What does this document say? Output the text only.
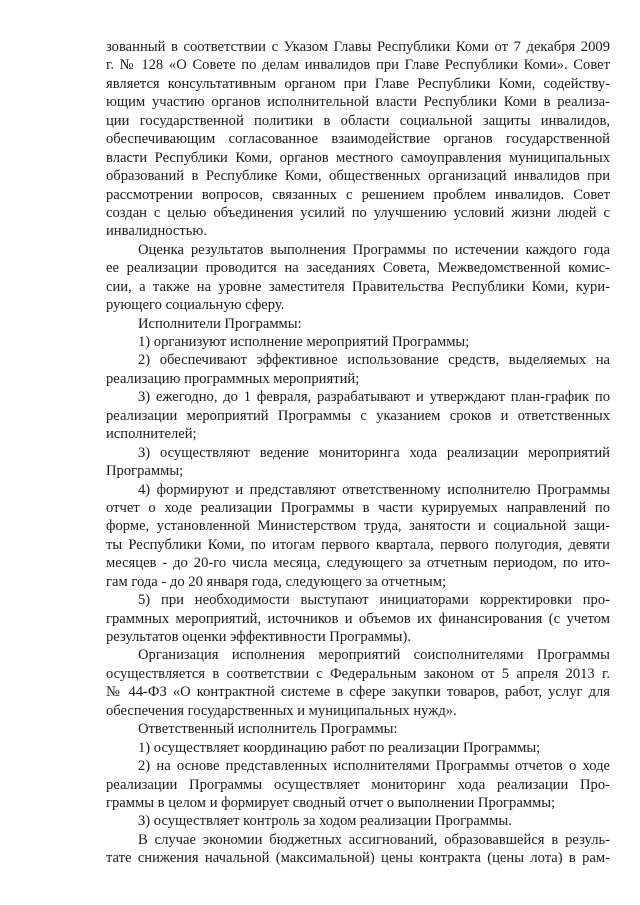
зованный в соответствии с Указом Главы Республики Коми от 7 декабря 2009
г. № 128 «О Совете по делам инвалидов при Главе Республики Коми». Совет
является консультативным органом при Главе Республики Коми, содейству-
ющим участию органов исполнительной власти Республики Коми в реализа-
ции государственной политики в области социальной защиты инвалидов,
обеспечивающим согласованное взаимодействие органов государственной
власти Республики Коми, органов местного самоуправления муниципальных
образований в Республике Коми, общественных организаций инвалидов при
рассмотрении вопросов, связанных с решением проблем инвалидов. Совет
создан с целью объединения усилий по улучшению условий жизни людей с
инвалидностью.
Оценка результатов выполнения Программы по истечении каждого года
ее реализации проводится на заседаниях Совета, Межведомственной комис-
сии, а также на уровне заместителя Правительства Республики Коми, кури-
рующего социальную сферу.
Исполнители Программы:
1) организуют исполнение мероприятий Программы;
2) обеспечивают эффективное использование средств, выделяемых на
реализацию программных мероприятий;
3) ежегодно, до 1 февраля, разрабатывают и утверждают план-график по
реализации мероприятий Программы с указанием сроков и ответственных
исполнителей;
3) осуществляют ведение мониторинга хода реализации мероприятий
Программы;
4) формируют и представляют ответственному исполнителю Программы
отчет о ходе реализации Программы в части курируемых направлений по
форме, установленной Министерством труда, занятости и социальной защи-
ты Республики Коми, по итогам первого квартала, первого полугодия, девяти
месяцев - до 20-го числа месяца, следующего за отчетным периодом, по ито-
гам года - до 20 января года, следующего за отчетным;
5) при необходимости выступают инициаторами корректировки про-
граммных мероприятий, источников и объемов их финансирования (с учетом
результатов оценки эффективности Программы).
Организация исполнения мероприятий соисполнителями Программы
осуществляется в соответствии с Федеральным законом от 5 апреля 2013 г.
№ 44-ФЗ «О контрактной системе в сфере закупки товаров, работ, услуг для
обеспечения государственных и муниципальных нужд».
Ответственный исполнитель Программы:
1) осуществляет координацию работ по реализации Программы;
2) на основе представленных исполнителями Программы отчетов о ходе
реализации Программы осуществляет мониторинг хода реализации Про-
граммы в целом и формирует сводный отчет о выполнении Программы;
3) осуществляет контроль за ходом реализации Программы.
В случае экономии бюджетных ассигнований, образовавшейся в резуль-
тате снижения начальной (максимальной) цены контракта (цены лота) в рам-
